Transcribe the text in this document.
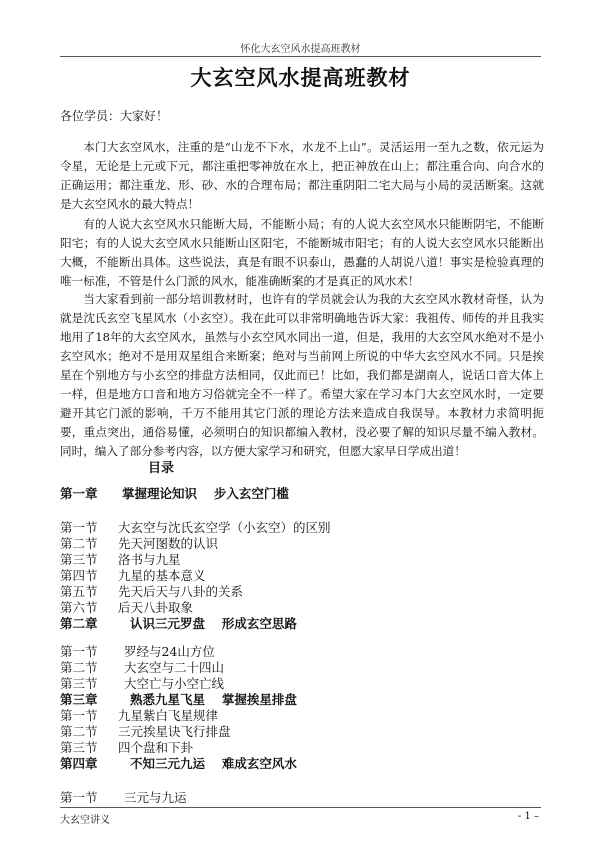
怀化大玄空风水提高班教材
大玄空风水提高班教材
各位学员：大家好！

本门大玄空风水，注重的是“山龙不下水，水龙不上山”。灵活运用一至九之数，依元运为令星，无论是上元或下元，都注重把零神放在水上，把正神放在山上；都注重合向、向合水的正确运用；都注重龙、形、砂、水的合理布局；都注重阴阳二宅大局与小局的灵活断案。这就是大玄空风水的最大特点！

有的人说大玄空风水只能断大局，不能断小局；有的人说大玄空风水只能断阴宅，不能断阳宅；有的人说大玄空风水只能断山区阳宅，不能断城市阳宅；有的人说大玄空风水只能断出大概，不能断出具体。这些说法，真是有眼不识泰山，愚蠢的人胡说八道！事实是检验真理的唯一标准，不管是什么门派的风水，能准确断案的才是真正的风水术！

当大家看到前一部分培训教材时，也许有的学员就会认为我的大玄空风水教材奇怪，认为就是沈氏玄空飞星风水（小玄空）。我在此可以非常明确地告诉大家：我祖传、师传的并且我实地用了18年的大玄空风水，虽然与小玄空风水同出一道，但是，我用的大玄空风水绝对不是小玄空风水；绝对不是用双星组合来断案；绝对与当前网上所说的中华大玄空风水不同。只是挨星在个别地方与小玄空的排盘方法相同，仅此而已！比如，我们都是湖南人，说话口音大体上一样，但是地方口音和地方习俗就完全不一样了。希望大家在学习本门大玄空风水时，一定要避开其它门派的影响，千万不能用其它门派的理论方法来造成自我误导。本教材力求简明扼要，重点突出，通俗易懂，必须明白的知识都编入教材，没必要了解的知识尽量不编入教材。同时，编入了部分参考内容，以方便大家学习和研究，但愿大家早日学成出道！

目录
第一章 掌握理论知识　 步入玄空门槛
第一节 大玄空与沈氏玄空学（小玄空）的区别
第二节 先天河图数的认识
第三节 洛书与九星
第四节 九星的基本意义
第五节 先天后天与八卦的关系
第六节 后天八卦取象
第二章	认识三元罗盘　 形成玄空思路
第一节 罗经与24山方位
第二节 大玄空与二十四山
第三节 大空亡与小空亡线
第三章	熟悉九星飞星　 掌握挨星排盘
第一节 九星紫白飞星规律
第二节 三元挨星诀飞行排盘
第三节 四个盘和下卦
第四章	不知三元九运　 难成玄空风水
第一节 三元与九运
大玄空讲义	- 1 –
